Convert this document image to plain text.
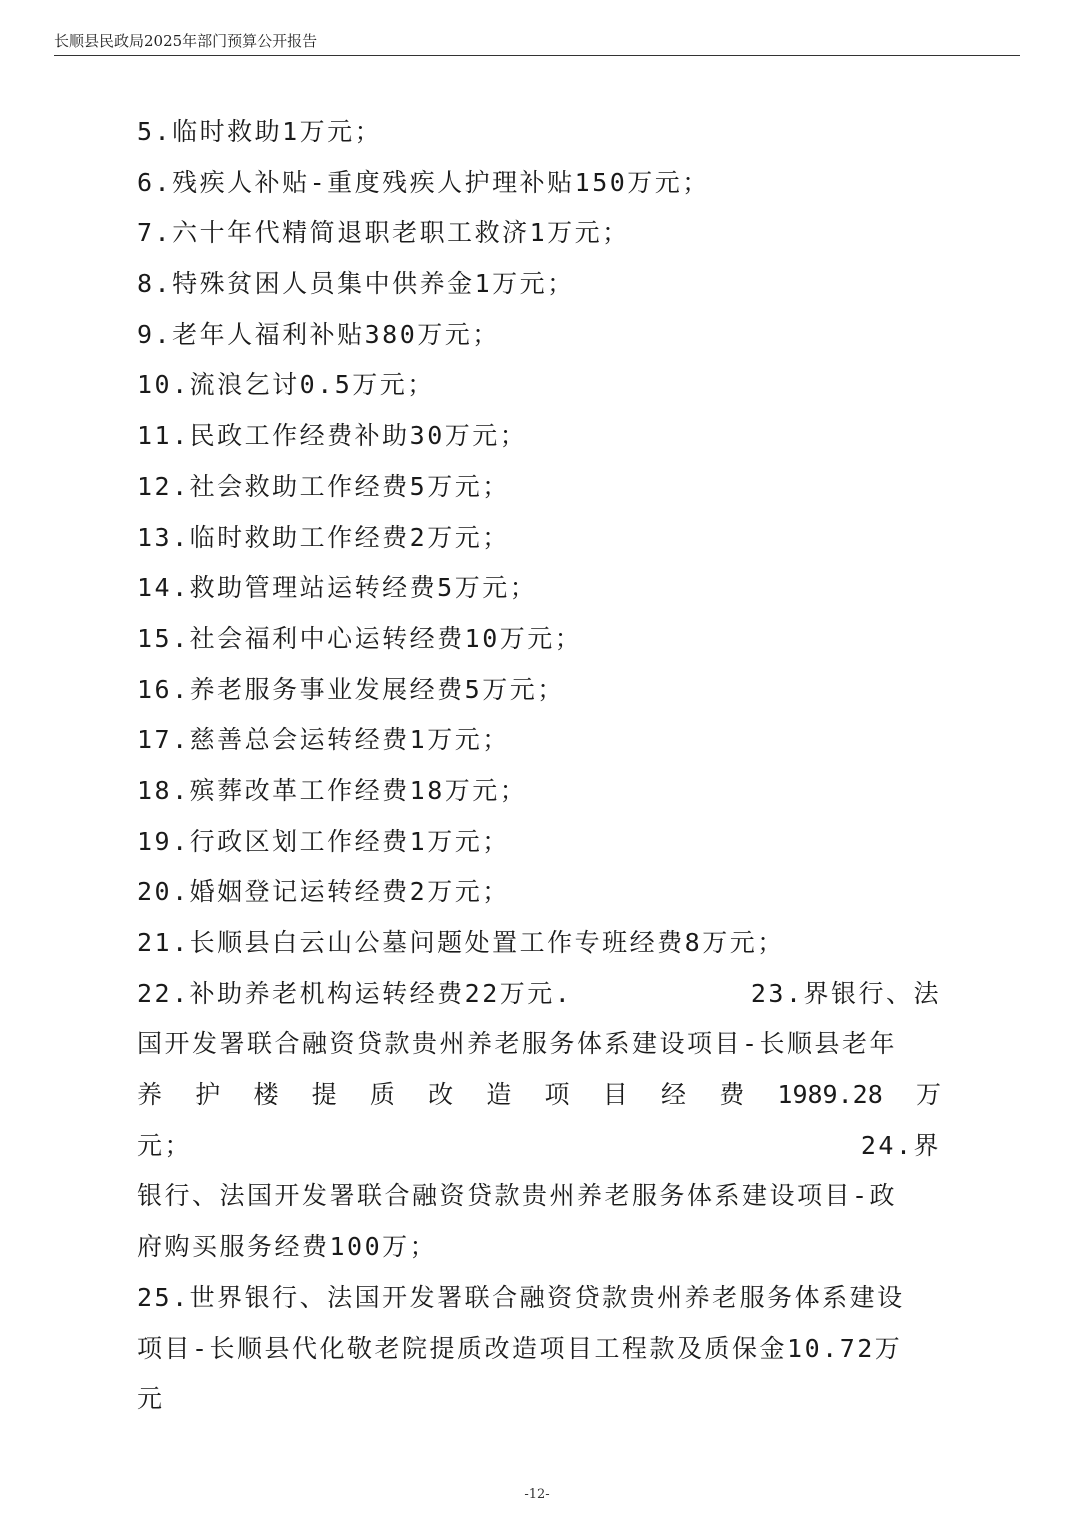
长顺县民政局2025年部门预算公开报告
5.临时救助1万元；
6.残疾人补贴-重度残疾人护理补贴150万元；
7.六十年代精简退职老职工救济1万元；
8.特殊贫困人员集中供养金1万元；
9.老年人福利补贴380万元；
10.流浪乞讨0.5万元；
11.民政工作经费补助30万元；
12.社会救助工作经费5万元；
13.临时救助工作经费2万元；
14.救助管理站运转经费5万元；
15.社会福利中心运转经费10万元；
16.养老服务事业发展经费5万元；
17.慈善总会运转经费1万元；
18.殡葬改革工作经费18万元；
19.行政区划工作经费1万元；
20.婚姻登记运转经费2万元；
21.长顺县白云山公墓问题处置工作专班经费8万元；
22.补助养老机构运转经费22万元.	23.界银行、法
国开发署联合融资贷款贵州养老服务体系建设项目-长顺县老年
养 护 楼 提 质 改 造 项 目 经 费 1989.28 万
元；	24.界
银行、法国开发署联合融资贷款贵州养老服务体系建设项目-政
府购买服务经费100万；
25.世界银行、法国开发署联合融资贷款贵州养老服务体系建设
项目-长顺县代化敬老院提质改造项目工程款及质保金10.72万
元
-12-
